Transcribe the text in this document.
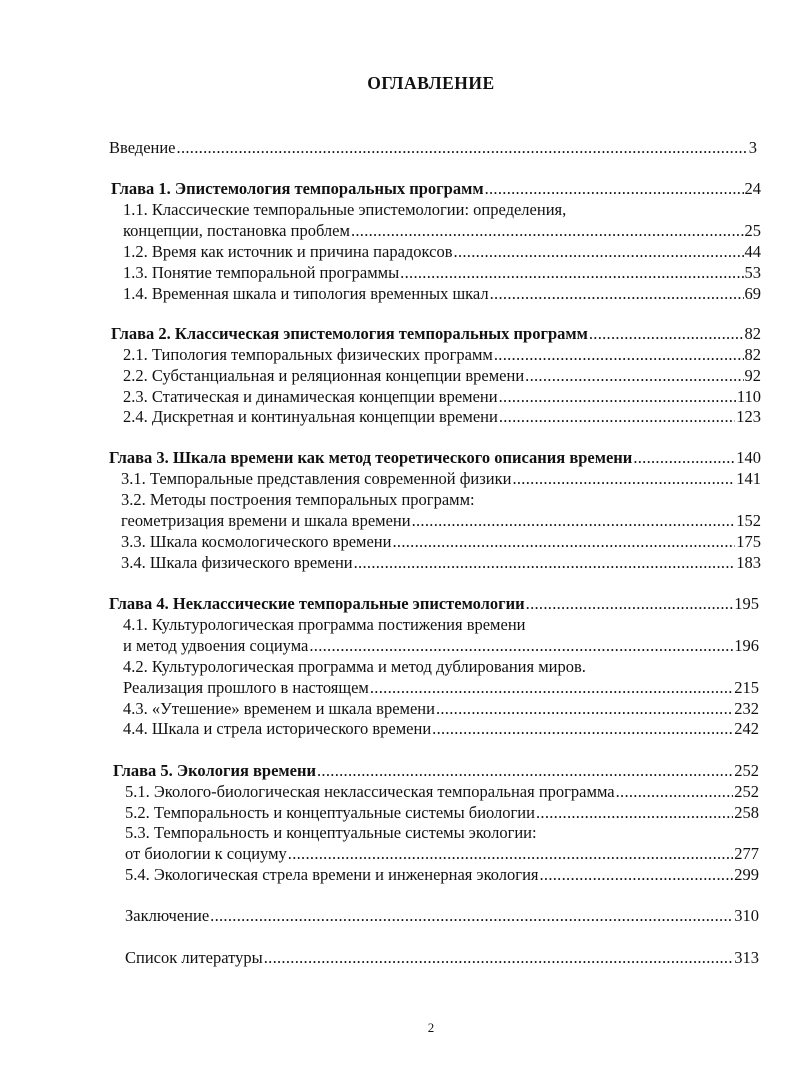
ОГЛАВЛЕНИЕ
Введение .....	3
Глава 1. Эпистемология темпоральных программ .....	24
1.1. Классические темпоральные эпистемологии: определения,
концепции, постановка проблем .....	25
1.2. Время как источник и причина парадоксов .....	44
1.3. Понятие темпоральной программы .....	53
1.4. Временная шкала и типология временных шкал .....	69
Глава 2. Классическая эпистемология темпоральных программ .....	82
2.1. Типология темпоральных физических программ .....	82
2.2. Субстанциальная и реляционная концепции времени .....	92
2.3. Статическая и динамическая концепции времени .....	110
2.4. Дискретная и континуальная концепции времени .....	123
Глава 3. Шкала времени как метод теоретического описания времени .....	140
3.1. Темпоральные представления современной физики .....	141
3.2. Методы построения темпоральных программ:
геометризация времени и шкала времени .....	152
3.3. Шкала космологического времени .....	175
3.4. Шкала физического времени .....	183
Глава 4. Неклассические темпоральные эпистемологии .....	195
4.1. Культурологическая программа постижения времени
и метод удвоения социума .....	196
4.2. Культурологическая программа и метод дублирования миров.
Реализация прошлого в настоящем .....	215
4.3. «Утешение» временем и шкала времени .....	232
4.4. Шкала и стрела исторического времени .....	242
Глава 5. Экология времени .....	252
5.1. Эколого-биологическая неклассическая темпоральная программа .....	252
5.2. Темпоральность и концептуальные системы биологии .....	258
5.3. Темпоральность и концептуальные системы экологии:
от биологии к социуму .....	277
5.4. Экологическая стрела времени и инженерная экология .....	299
Заключение .....	310
Список литературы .....	313
2
